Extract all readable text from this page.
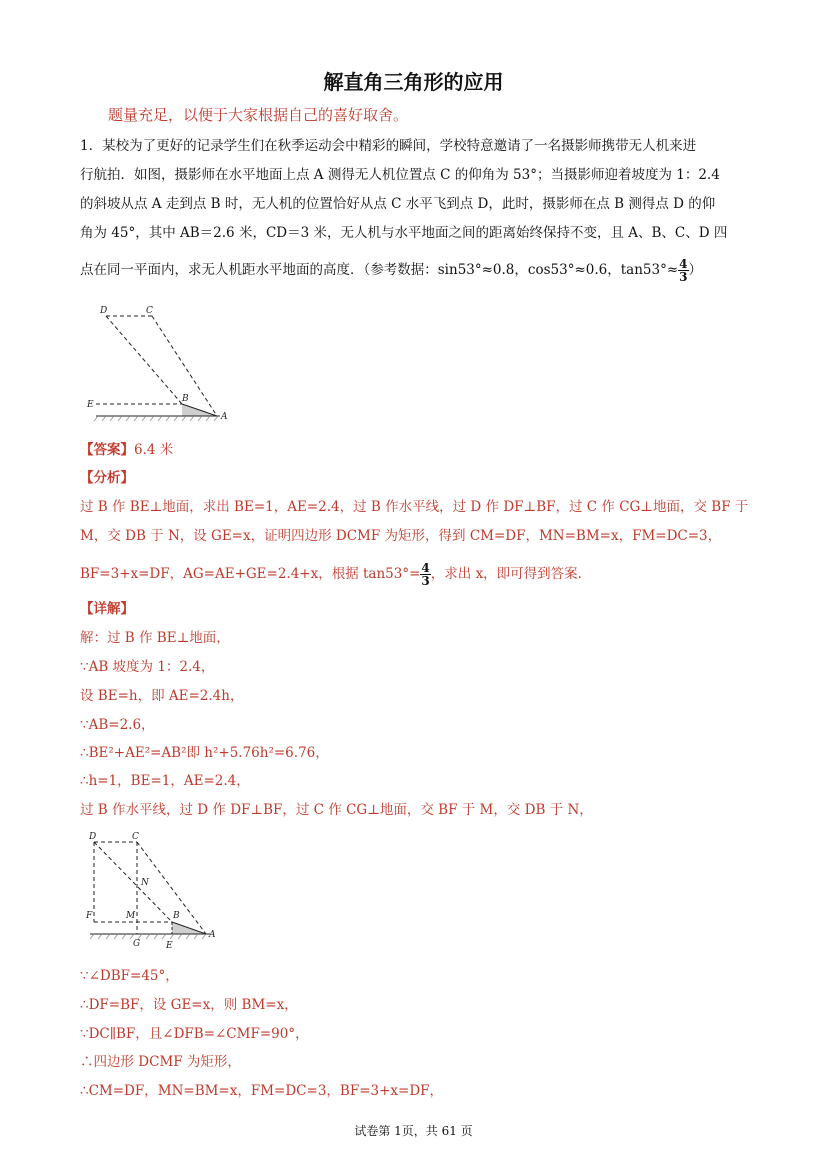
解直角三角形的应用
题量充足，以便于大家根据自己的喜好取舍。
1．某校为了更好的记录学生们在秋季运动会中精彩的瞬间，学校特意邀请了一名摄影师携带无人机来进
行航拍．如图，摄影师在水平地面上点 A 测得无人机位置点 C 的仰角为 53°；当摄影师迎着坡度为 1：2.4
的斜坡从点 A 走到点 B 时，无人机的位置恰好从点 C 水平飞到点 D，此时，摄影师在点 B 测得点 D 的仰
角为 45°，其中 AB＝2.6 米，CD＝3 米，无人机与水平地面之间的距离始终保持不变，且 A、B、C、D 四
点在同一平面内，求无人机距水平地面的高度．（参考数据：sin53°≈0.8，cos53°≈0.6，$\tan 53^\circ\approx \frac{4}{3}$ ）
D	C
E
B
A
【答案】6.4 米
【分析】
过 B 作 BE⊥地面，求出 BE=1，AE=2.4，过 B 作水平线，过 D 作 DF⊥BF，过 C 作 CG⊥地面，交 BF 于
M，交 DB 于 N，设 GE=x，证明四边形 DCMF 为矩形，得到 CM=DF，MN=BM=x，FM=DC=3，
BF=3+x=DF，AG=AE+GE=2.4+x，根据 $\tan 53^\circ= \frac{4}{3}$ ，求出 x，即可得到答案．
【详解】
解：过 B 作 BE⊥地面，
∵AB 坡度为 1：2.4，
设 BE=h，即 AE=2.4h，
∵AB=2.6，
∴BE²+AE²=AB²即 h²+5.76h²=6.76，
∴h=1，BE=1，AE=2.4，
过 B 作水平线，过 D 作 DF⊥BF，过 C 作 CG⊥地面，交 BF 于 M，交 DB 于 N，
D	C
N
F	M	B
G	E
A
∵∠DBF=45°，
∴DF=BF，设 GE=x，则 BM=x，
∵DC∥BF，且∠DFB=∠CMF=90°，
∴四边形 DCMF 为矩形，
∴CM=DF，MN=BM=x，FM=DC=3，BF=3+x=DF，
试卷第 1页，共 61 页
